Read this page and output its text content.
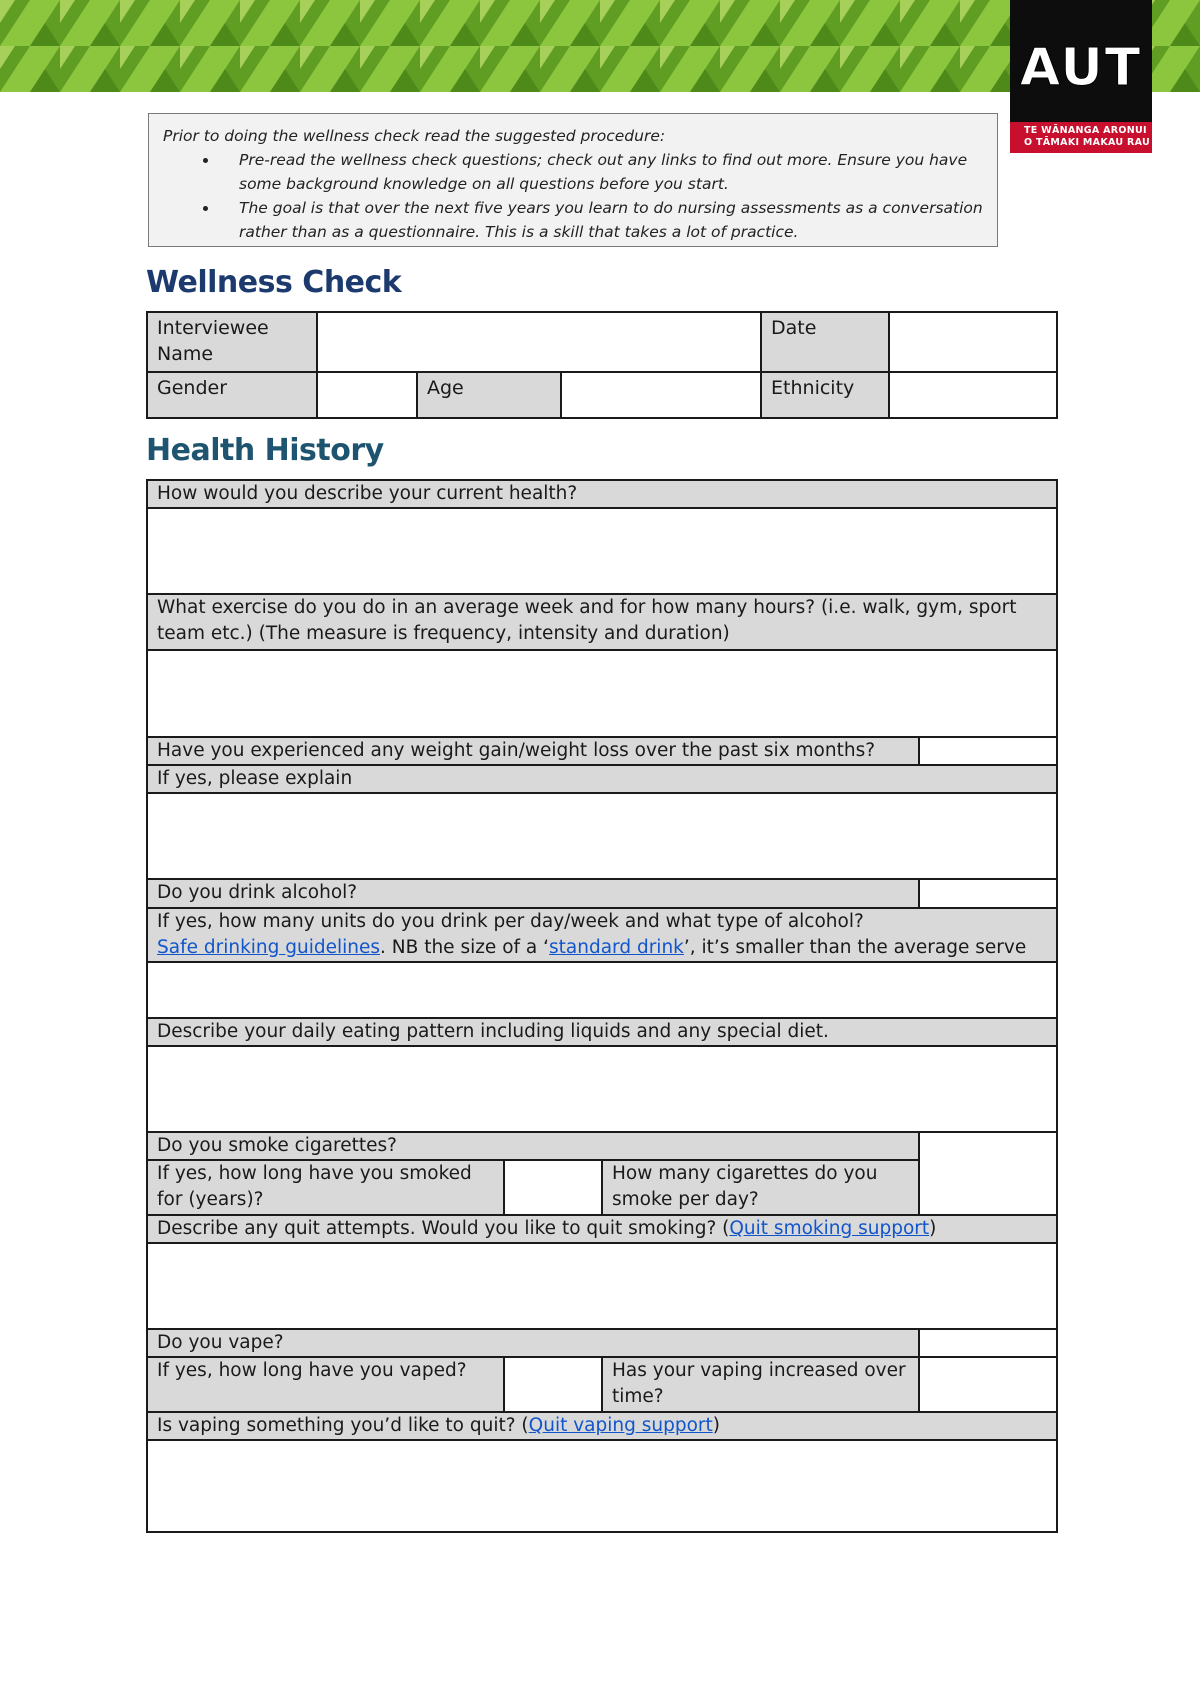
AUT
TE WĀNANGA ARONUI
O TĀMAKI MAKAU RAU
Prior to doing the wellness check read the suggested procedure:
• Pre-read the wellness check questions; check out any links to find out more. Ensure you have some background knowledge on all questions before you start.
• The goal is that over the next five years you learn to do nursing assessments as a conversation rather than as a questionnaire. This is a skill that takes a lot of practice.
Wellness Check
Interviewee Name				Date	
Gender		Age		Ethnicity	
Health History
How would you describe your current health?			

What exercise do you do in an average week and for how many hours? (i.e. walk, gym, sport team etc.) (The measure is frequency, intensity and duration)			

Have you experienced any weight gain/weight loss over the past six months?			
If yes, please explain			

Do you drink alcohol?			

If yes, how many units do you drink per day/week and what type of alcohol?
Safe drinking guidelines. NB the size of a ‘standard drink’, it’s smaller than the average serve			

Describe your daily eating pattern including liquids and any special diet.			

Do you smoke cigarettes?			
If yes, how long have you smoked for (years)?		How many cigarettes do you smoke per day?	
Describe any quit attempts. Would you like to quit smoking? (Quit smoking support)			

Do you vape?			
If yes, how long have you vaped?		Has your vaping increased over time?	
Is vaping something you’d like to quit? (Quit vaping support)			
